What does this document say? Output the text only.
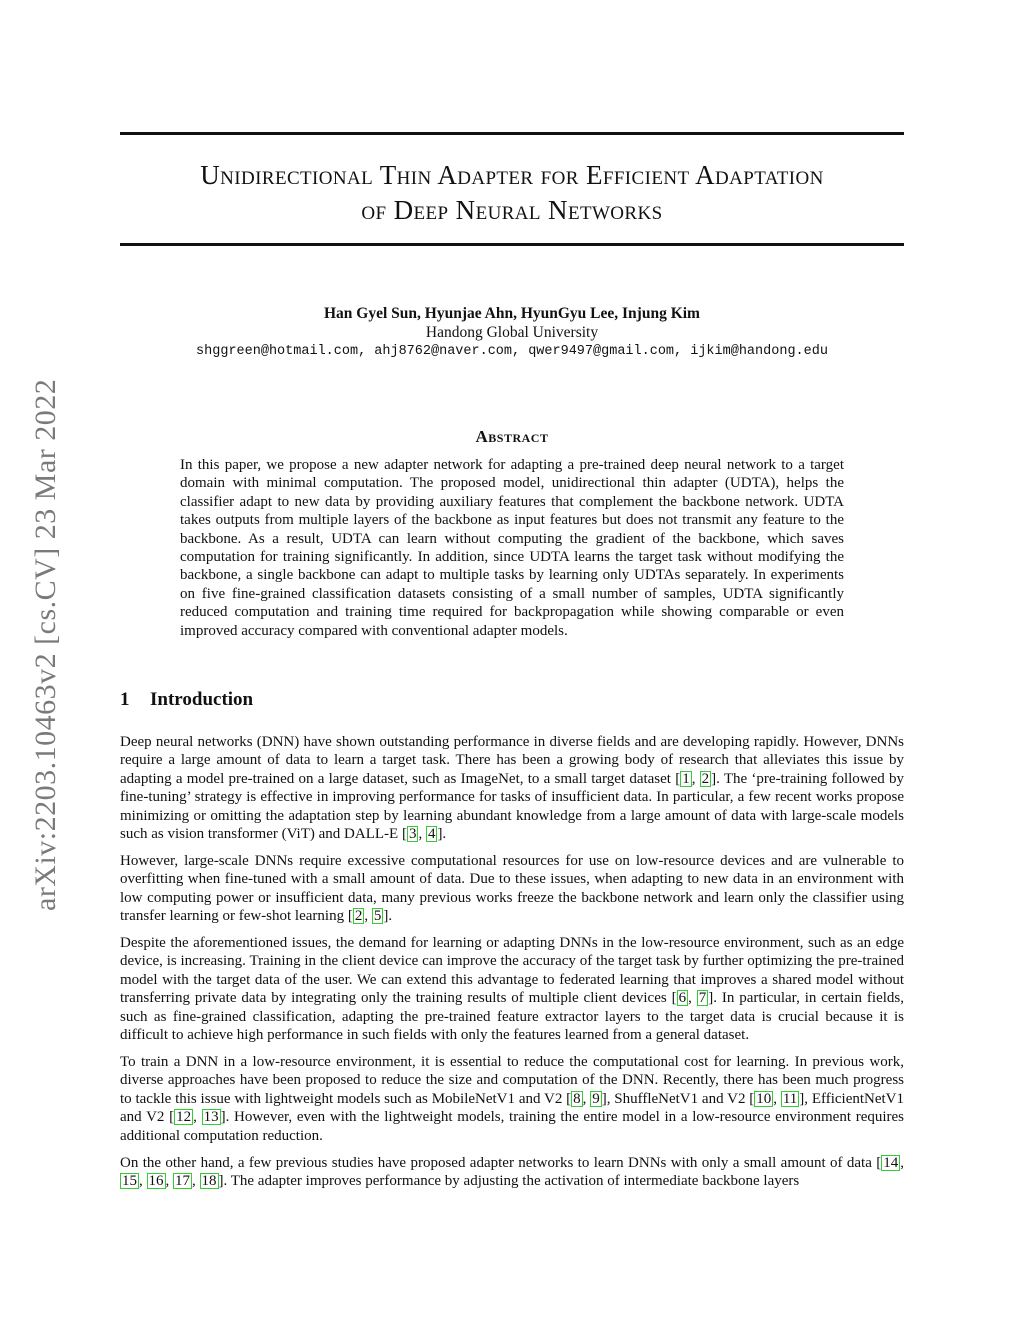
arXiv:2203.10463v2 [cs.CV] 23 Mar 2022
Unidirectional Thin Adapter for Efficient Adaptation
of Deep Neural Networks
Han Gyel Sun, Hyunjae Ahn, HyunGyu Lee, Injung Kim
Handong Global University
shggreen@hotmail.com, ahj8762@naver.com, qwer9497@gmail.com, ijkim@handong.edu
Abstract

In this paper, we propose a new adapter network for adapting a pre-trained deep neural network to a target domain with minimal computation. The proposed model, unidirectional thin adapter (UDTA), helps the classifier adapt to new data by providing auxiliary features that complement the backbone network. UDTA takes outputs from multiple layers of the backbone as input features but does not transmit any feature to the backbone. As a result, UDTA can learn without computing the gradient of the backbone, which saves computation for training significantly. In addition, since UDTA learns the target task without modifying the backbone, a single backbone can adapt to multiple tasks by learning only UDTAs separately. In experiments on five fine-grained classification datasets consisting of a small number of samples, UDTA significantly reduced computation and training time required for backpropagation while showing comparable or even improved accuracy compared with conventional adapter models.

1 Introduction

Deep neural networks (DNN) have shown outstanding performance in diverse fields and are developing rapidly. However, DNNs require a large amount of data to learn a target task. There has been a growing body of research that alleviates this issue by adapting a model pre-trained on a large dataset, such as ImageNet, to a small target dataset [ 1 , 2 ]. The ‘pre-training followed by fine-tuning’ strategy is effective in improving performance for tasks of insufficient data. In particular, a few recent works propose minimizing or omitting the adaptation step by learning abundant knowledge from a large amount of data with large-scale models such as vision transformer (ViT) and DALL-E [ 3 , 4 ].

However, large-scale DNNs require excessive computational resources for use on low-resource devices and are vulnerable to overfitting when fine-tuned with a small amount of data. Due to these issues, when adapting to new data in an environment with low computing power or insufficient data, many previous works freeze the backbone network and learn only the classifier using transfer learning or few-shot learning [ 2 , 5 ].

Despite the aforementioned issues, the demand for learning or adapting DNNs in the low-resource environment, such as an edge device, is increasing. Training in the client device can improve the accuracy of the target task by further optimizing the pre-trained model with the target data of the user. We can extend this advantage to federated learning that improves a shared model without transferring private data by integrating only the training results of multiple client devices [ 6 , 7 ]. In particular, in certain fields, such as fine-grained classification, adapting the pre-trained feature extractor layers to the target data is crucial because it is difficult to achieve high performance in such fields with only the features learned from a general dataset.

To train a DNN in a low-resource environment, it is essential to reduce the computational cost for learning. In previous work, diverse approaches have been proposed to reduce the size and computation of the DNN. Recently, there has been much progress to tackle this issue with lightweight models such as MobileNetV1 and V2 [ 8 , 9 ], ShuffleNetV1 and V2 [ 10 , 11 ], EfficientNetV1 and V2 [ 12 , 13 ]. However, even with the lightweight models, training the entire model in a low-resource environment requires additional computation reduction.

On the other hand, a few previous studies have proposed adapter networks to learn DNNs with only a small amount of data [ 14 , 15 , 16 , 17 , 18 ]. The adapter improves performance by adjusting the activation of intermediate backbone layers
